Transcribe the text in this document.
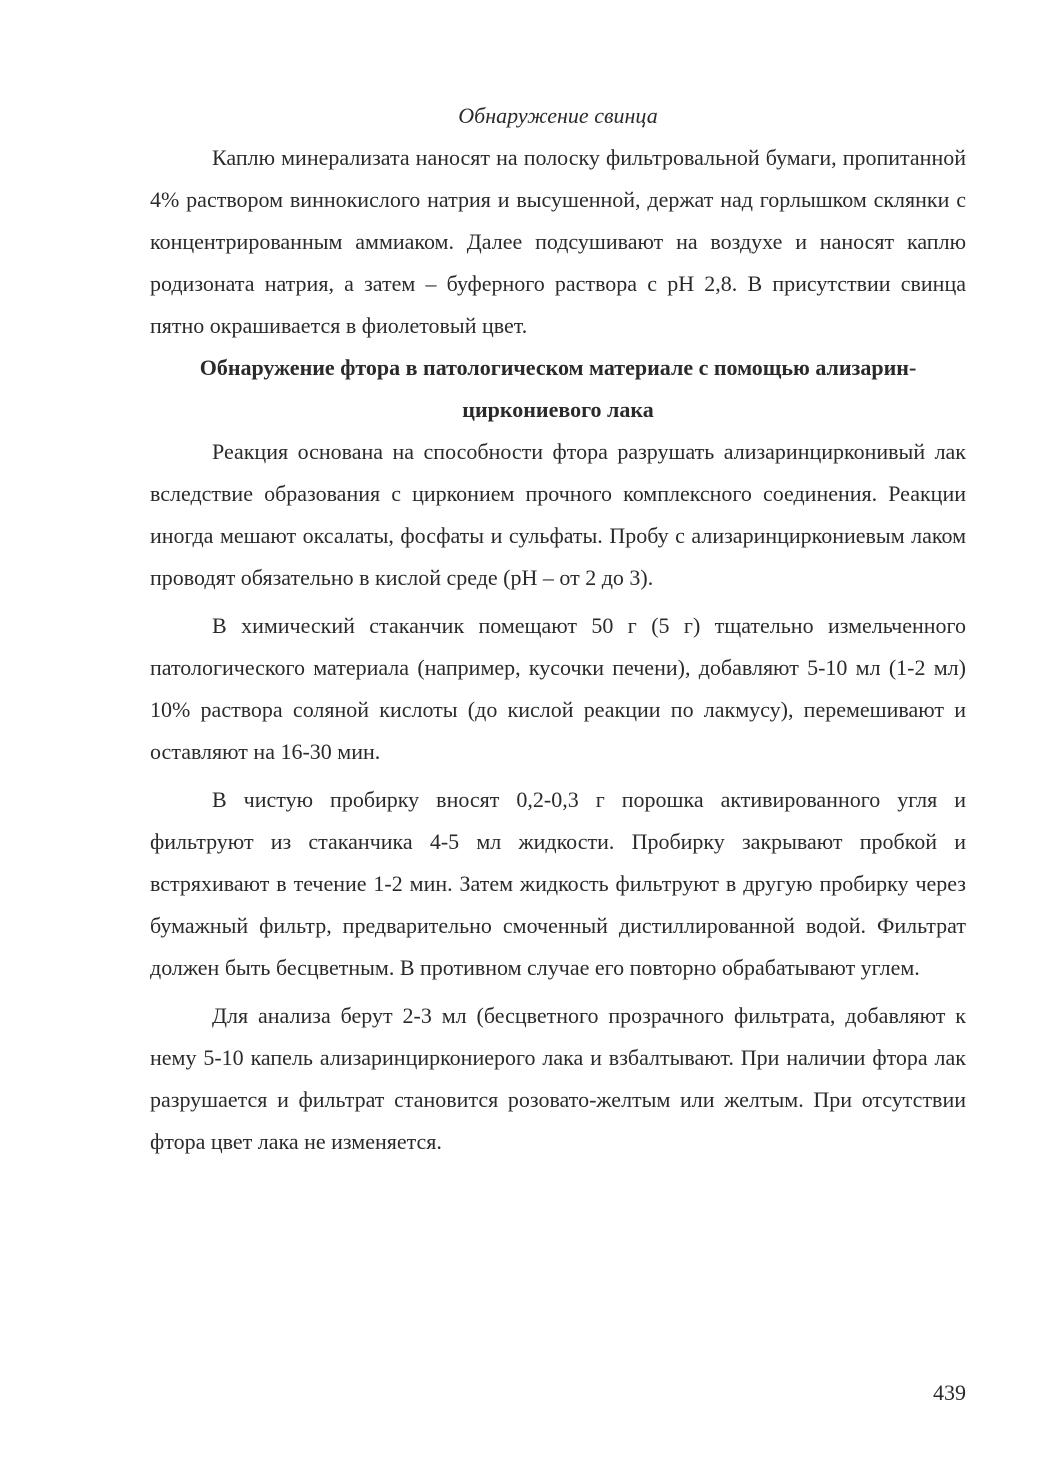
Обнаружение свинца

Каплю минерализата наносят на полоску фильтровальной бумаги, пропитанной 4% раствором виннокислого натрия и высушенной, держат над горлышком склянки с концентрированным аммиаком. Далее подсушивают на воздухе и наносят каплю родизоната натрия, а затем – буферного раствора с рН 2,8. В присутствии свинца пятно окрашивается в фиолетовый цвет.

Обнаружение фтора в патологическом материале с помощью ализаринциркониевого лака

Реакция основана на способности фтора разрушать ализаринцирконивый лак вследствие образования с цирконием прочного комплексного соединения. Реакции иногда мешают оксалаты, фосфаты и сульфаты. Пробу с ализаринциркониевым лаком проводят обязательно в кислой среде (рН – от 2 до 3).

В химический стаканчик помещают 50 г (5 г) тщательно измельченного патологического материала (например, кусочки печени), добавляют 5-10 мл (1-2 мл) 10% раствора соляной кислоты (до кислой реакции по лакмусу), перемешивают и оставляют на 16-30 мин.

В чистую пробирку вносят 0,2-0,3 г порошка активированного угля и фильтруют из стаканчика 4-5 мл жидкости. Пробирку закрывают пробкой и встряхивают в течение 1-2 мин. Затем жидкость фильтруют в другую пробирку через бумажный фильтр, предварительно смоченный дистиллированной водой. Фильтрат должен быть бесцветным. В противном случае его повторно обрабатывают углем.

Для анализа берут 2-3 мл (бесцветного прозрачного фильтрата, добавляют к нему 5-10 капель ализаринциркониерого лака и взбалтывают. При наличии фтора лак разрушается и фильтрат становится розовато-желтым или желтым. При отсутствии фтора цвет лака не изменяется.

439
